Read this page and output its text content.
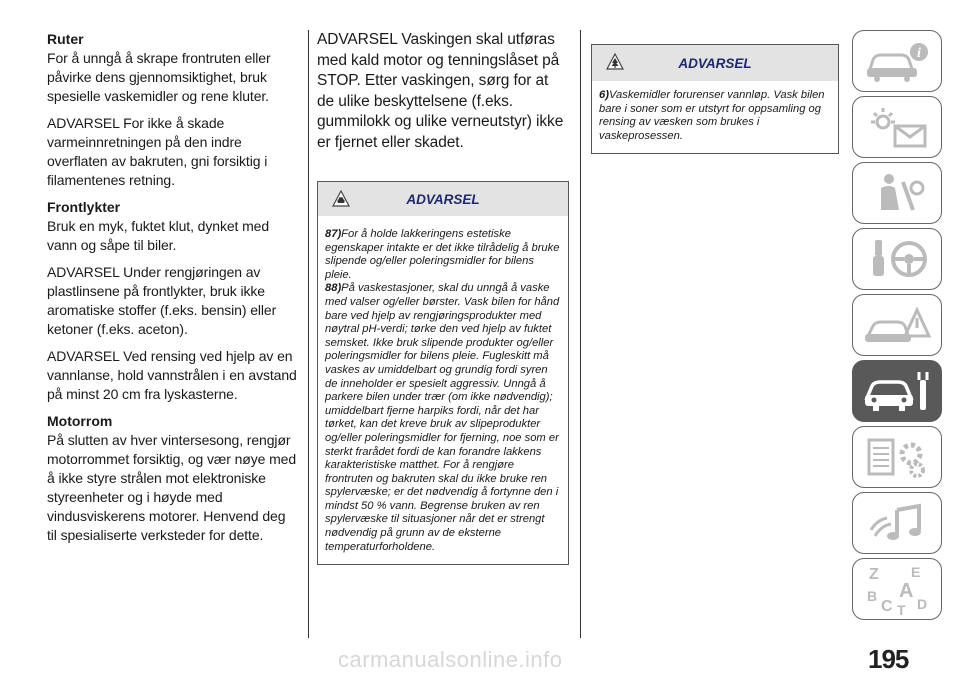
Ruter

For å unngå å skrape frontruten eller påvirke dens gjennomsiktighet, bruk spesielle vaskemidler og rene kluter.

ADVARSEL For ikke å skade varmeinnretningen på den indre overflaten av bakruten, gni forsiktig i filamentenes retning.

Frontlykter

Bruk en myk, fuktet klut, dynket med vann og såpe til biler.

ADVARSEL Under rengjøringen av plastlinsene på frontlykter, bruk ikke aromatiske stoffer (f.eks. bensin) eller ketoner (f.eks. aceton).

ADVARSEL Ved rensing ved hjelp av en vannlanse, hold vannstrålen i en avstand på minst 20 cm fra lyskasterne.

Motorrom

På slutten av hver vintersesong, rengjør motorrommet forsiktig, og vær nøye med å ikke styre strålen mot elektroniske styreenheter og i høyde med vindusviskerens motorer. Henvend deg til spesialiserte verksteder for dette.

ADVARSEL Vaskingen skal utføras med kald motor og tenningslåset på STOP. Etter vaskingen, sørg for at de ulike beskyttelsene (f.eks. gummilokk og ulike verneutstyr) ikke er fjernet eller skadet.

ADVARSEL

87)For å holde lakkeringens estetiske egenskaper intakte er det ikke tilrådelig å bruke slipende og/eller poleringsmidler for bilens pleie.

88)På vaskestasjoner, skal du unngå å vaske med valser og/eller børster. Vask bilen for hånd bare ved hjelp av rengjøringsprodukter med nøytral pH-verdi; tørke den ved hjelp av fuktet semsket. Ikke bruk slipende produkter og/eller poleringsmidler for bilens pleie. Fugleskitt må vaskes av umiddelbart og grundig fordi syren de inneholder er spesielt aggressiv. Unngå å parkere bilen under trær (om ikke nødvendig); umiddelbart fjerne harpiks fordi, når det har tørket, kan det kreve bruk av slipeprodukter og/eller poleringsmidler for fjerning, noe som er sterkt frarådet fordi de kan forandre lakkens karakteristiske matthet. For å rengjøre frontruten og bakruten skal du ikke bruke ren spylervæske; er det nødvendig å fortynne den i mindst 50 % vann. Begrense bruken av ren spylervæske til situasjoner når det er strengt nødvendig på grunn av de eksterne temperaturforholdene.

ADVARSEL

6)Vaskemidler forurenser vannløp. Vask bilen bare i soner som er utstyrt for oppsamling og rensing av væsken som brukes i vaskeprosessen.

i
Z E
B A
C T D
carmanualsonline.info	195
